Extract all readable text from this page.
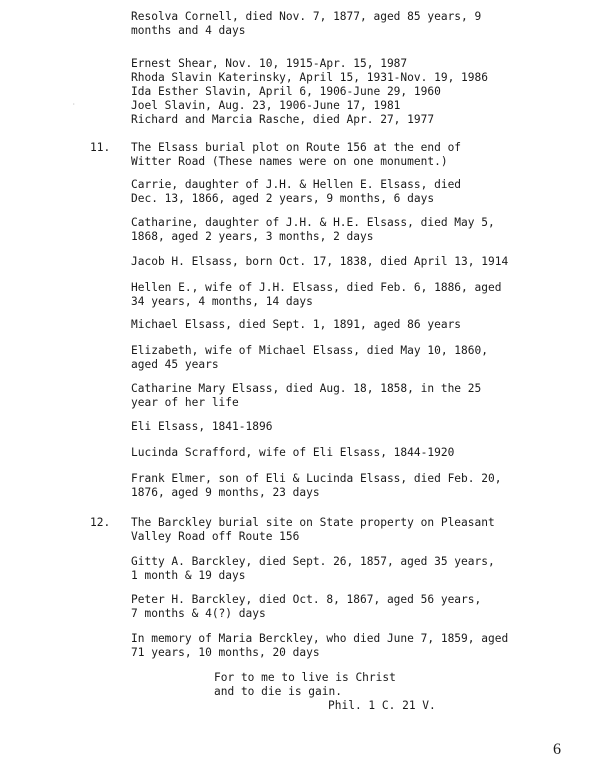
·
Resolva Cornell, died Nov. 7, 1877, aged 85 years, 9
months and 4 days
Ernest Shear, Nov. 10, 1915-Apr. 15, 1987
Rhoda Slavin Katerinsky, April 15, 1931-Nov. 19, 1986
Ida Esther Slavin, April 6, 1906-June 29, 1960
Joel Slavin, Aug. 23, 1906-June 17, 1981
Richard and Marcia Rasche, died Apr. 27, 1977
11. The Elsass burial plot on Route 156 at the end of
Witter Road (These names were on one monument.)
Carrie, daughter of J.H. & Hellen E. Elsass, died
Dec. 13, 1866, aged 2 years, 9 months, 6 days
Catharine, daughter of J.H. & H.E. Elsass, died May 5,
1868, aged 2 years, 3 months, 2 days
Jacob H. Elsass, born Oct. 17, 1838, died April 13, 1914
Hellen E., wife of J.H. Elsass, died Feb. 6, 1886, aged
34 years, 4 months, 14 days
Michael Elsass, died Sept. 1, 1891, aged 86 years
Elizabeth, wife of Michael Elsass, died May 10, 1860,
aged 45 years
Catharine Mary Elsass, died Aug. 18, 1858, in the 25
year of her life
Eli Elsass, 1841-1896
Lucinda Scrafford, wife of Eli Elsass, 1844-1920
Frank Elmer, son of Eli & Lucinda Elsass, died Feb. 20,
1876, aged 9 months, 23 days
12. The Barckley burial site on State property on Pleasant
Valley Road off Route 156
Gitty A. Barckley, died Sept. 26, 1857, aged 35 years,
1 month & 19 days
Peter H. Barckley, died Oct. 8, 1867, aged 56 years,
7 months & 4(?) days
In memory of Maria Berckley, who died June 7, 1859, aged
71 years, 10 months, 20 days
For to me to live is Christ
and to die is gain.
Phil. 1 C. 21 V.
6
